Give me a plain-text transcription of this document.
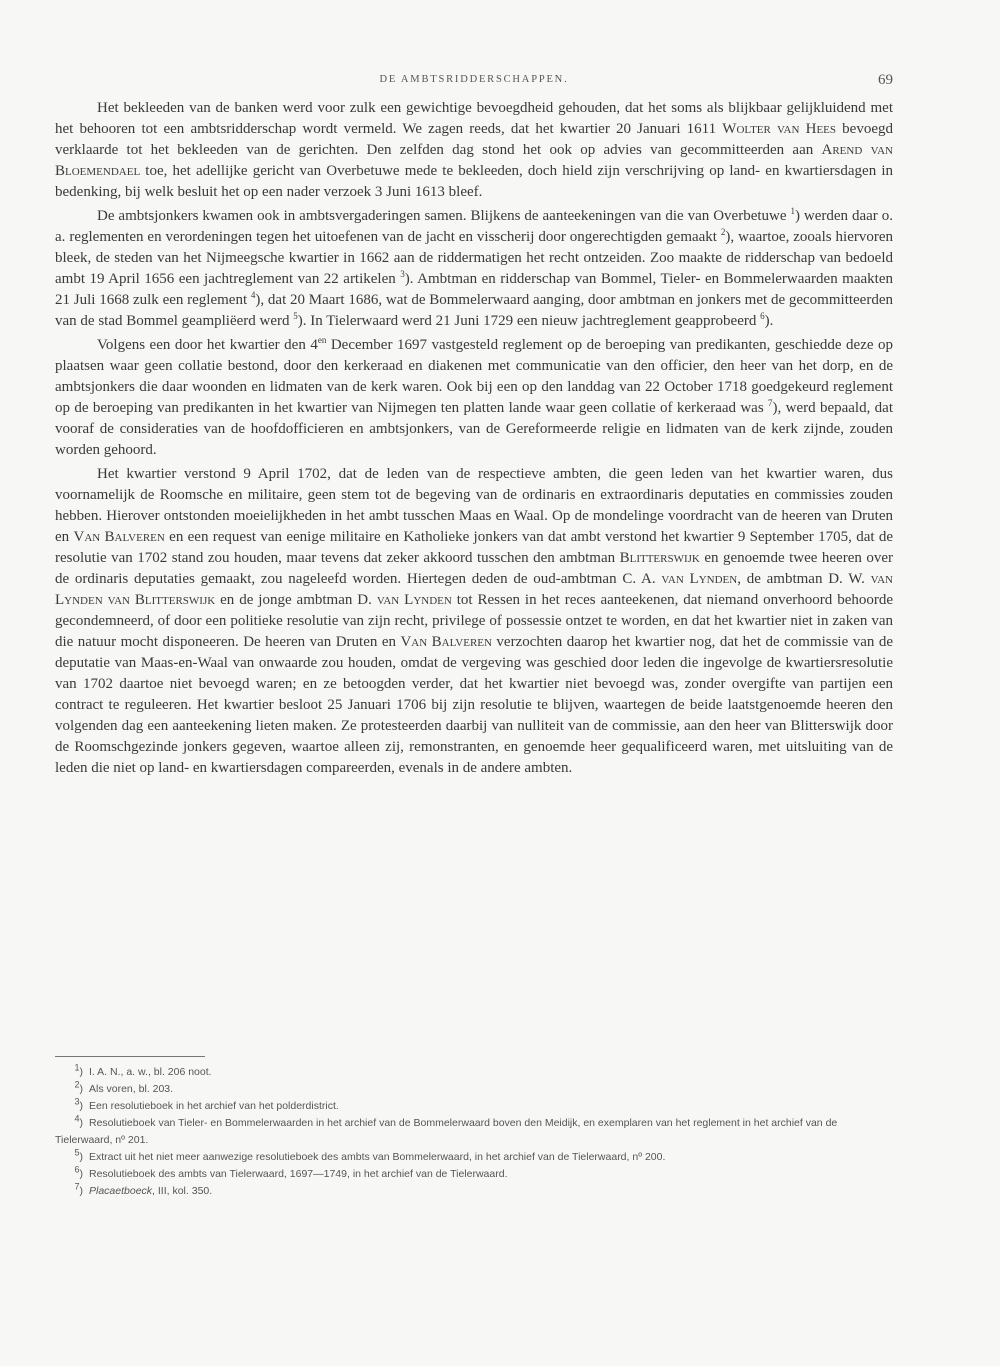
DE AMBTSRIDDERSCHAPPEN.	69

Het bekleeden van de banken werd voor zulk een gewichtige bevoegdheid gehouden, dat het soms als blijkbaar gelijkluidend met het behooren tot een ambtsridderschap wordt vermeld. We zagen reeds, dat het kwartier 20 Januari 1611 Wolter van Hees bevoegd verklaarde tot het bekleeden van de gerichten. Den zelfden dag stond het ook op advies van gecommitteerden aan Arend van Bloemendael toe, het adellijke gericht van Overbetuwe mede te bekleeden, doch hield zijn verschrijving op land- en kwartiersdagen in bedenking, bij welk besluit het op een nader verzoek 3 Juni 1613 bleef.

De ambtsjonkers kwamen ook in ambtsvergaderingen samen. Blijkens de aanteekeningen van die van Overbetuwe $^1$) werden daar o. a. reglementen en verordeningen tegen het uitoefenen van de jacht en visscherij door ongerechtigden gemaakt $^2$), waartoe, zooals hiervoren bleek, de steden van het Nijmeegsche kwartier in 1662 aan de riddermatigen het recht ontzeiden. Zoo maakte de ridderschap van bedoeld ambt 19 April 1656 een jachtreglement van 22 artikelen $^3$). Ambtman en ridderschap van Bommel, Tieler- en Bommelerwaarden maakten 21 Juli 1668 zulk een reglement $^4$), dat 20 Maart 1686, wat de Bommelerwaard aanging, door ambtman en jonkers met de gecommitteerden van de stad Bommel geampliëerd werd $^5$). In Tielerwaard werd 21 Juni 1729 een nieuw jachtreglement geapprobeerd $^6$).

Volgens een door het kwartier den $4^{en}$ December 1697 vastgesteld reglement op de beroeping van predikanten, geschiedde deze op plaatsen waar geen collatie bestond, door den kerkeraad en diakenen met communicatie van den officier, den heer van het dorp, en de ambtsjonkers die daar woonden en lidmaten van de kerk waren. Ook bij een op den landdag van 22 October 1718 goedgekeurd reglement op de beroeping van predikanten in het kwartier van Nijmegen ten platten lande waar geen collatie of kerkeraad was $^7$), werd bepaald, dat vooraf de consideraties van de hoofdofficieren en ambtsjonkers, van de Gereformeerde religie en lidmaten van de kerk zijnde, zouden worden gehoord.

Het kwartier verstond 9 April 1702, dat de leden van de respectieve ambten, die geen leden van het kwartier waren, dus voornamelijk de Roomsche en militaire, geen stem tot de begeving van de ordinaris en extraordinaris deputaties en commissies zouden hebben. Hierover ontstonden moeielijkheden in het ambt tusschen Maas en Waal. Op de mondelinge voordracht van de heeren van Druten en Van Balveren en een request van eenige militaire en Katholieke jonkers van dat ambt verstond het kwartier 9 September 1705, dat de resolutie van 1702 stand zou houden, maar tevens dat zeker akkoord tusschen den ambtman Blitterswijk en genoemde twee heeren over de ordinaris deputaties gemaakt, zou nageleefd worden. Hiertegen deden de oud-ambtman C. A. van Lynden, de ambtman D. W. van Lynden van Blitterswijk en de jonge ambtman D. van Lynden tot Ressen in het reces aanteekenen, dat niemand onverhoord behoorde gecondemneerd, of door een politieke resolutie van zijn recht, privilege of possessie ontzet te worden, en dat het kwartier niet in zaken van die natuur mocht disponeeren. De heeren van Druten en Van Balveren verzochten daarop het kwartier nog, dat het de commissie van de deputatie van Maas-en-Waal van onwaarde zou houden, omdat de vergeving was geschied door leden die ingevolge de kwartiersresolutie van 1702 daartoe niet bevoegd waren; en ze betoogden verder, dat het kwartier niet bevoegd was, zonder overgifte van partijen een contract te reguleeren. Het kwartier besloot 25 Januari 1706 bij zijn resolutie te blijven, waartegen de beide laatstgenoemde heeren den volgenden dag een aanteekening lieten maken. Ze protesteerden daarbij van nulliteit van de commissie, aan den heer van Blitterswijk door de Roomschgezinde jonkers gegeven, waartoe alleen zij, remonstranten, en genoemde heer gequalificeerd waren, met uitsluiting van de leden die niet op land- en kwartiersdagen compareerden, evenals in de andere ambten.

$^1$) I. A. N., a. w., bl. 206 noot.

$^2$) Als voren, bl. 203.

$^3$) Een resolutieboek in het archief van het polderdistrict.

$^4$) Resolutieboek van Tieler- en Bommelerwaarden in het archief van de Bommelerwaard boven den Meidijk, en exemplaren van het reglement in het archief van de Tielerwaard, nº 201.

$^5$) Extract uit het niet meer aanwezige resolutieboek des ambts van Bommelerwaard, in het archief van de Tielerwaard, nº 200.

$^6$) Resolutieboek des ambts van Tielerwaard, 1697—1749, in het archief van de Tielerwaard.

$^7$) Placaetboeck, III, kol. 350.
